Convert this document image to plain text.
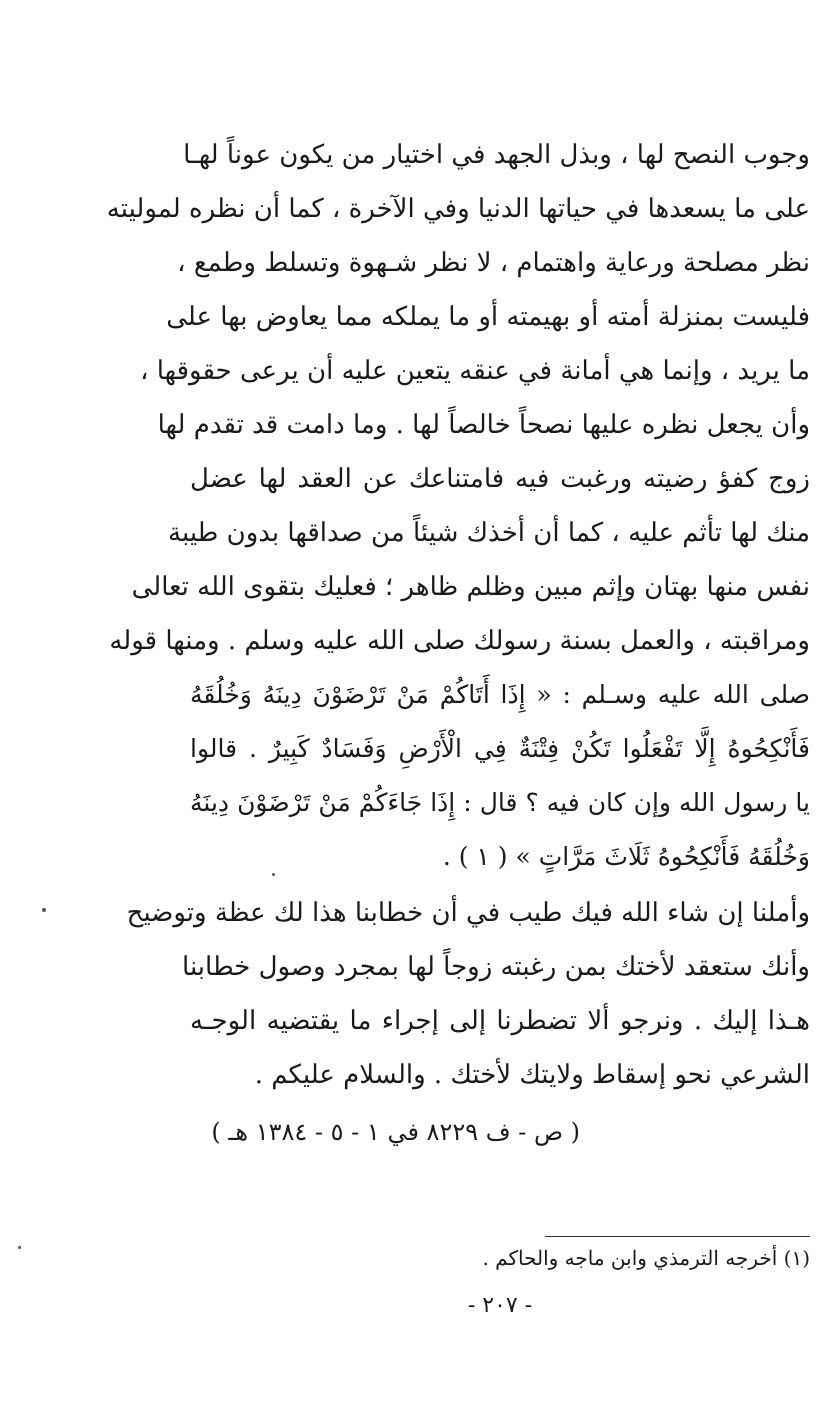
وجوب النصح لها ، وبذل الجهد في اختيار من يكون عوناً لهـا
على ما يسعدها في حياتها الدنيا وفي الآخرة ، كما أن نظره لموليته
نظر مصلحة ورعاية واهتمام ، لا نظر شـهوة وتسلط وطمع ،
فليست بمنزلة أمته أو بهيمته أو ما يملكه مما يعاوض بها على
ما يريد ، وإنما هي أمانة في عنقه يتعين عليه أن يرعى حقوقها ،
وأن يجعل نظره عليها نصحاً خالصاً لها . وما دامت قد تقدم لها
زوج كفؤ رضيته ورغبت فيه فامتناعك عن العقد لها عضل
منك لها تأثم عليه ، كما أن أخذك شيئاً من صداقها بدون طيبة
نفس منها بهتان وإثم مبين وظلم ظاهر ؛ فعليك بتقوى الله تعالى
ومراقبته ، والعمل بسنة رسولك صلى الله عليه وسلم . ومنها قوله
صلى الله عليه وسـلم : « إِذَا أَتَاكُمْ مَنْ تَرْضَوْنَ دِينَهُ وَخُلُقَهُ
فَأَنْكِحُوهُ إِلَّا تَفْعَلُوا تَكُنْ فِتْنَةٌ فِي الْأَرْضِ وَفَسَادٌ كَبِيرٌ . قالوا
يا رسول الله وإن كان فيه ؟ قال : إِذَا جَاءَكُمْ مَنْ تَرْضَوْنَ دِينَهُ
وَخُلُقَهُ فَأَنْكِحُوهُ ثَلَاثَ مَرَّاتٍ » ( ١ ) .
وأملنا إن شاء الله فيك طيب في أن خطابنا هذا لك عظة وتوضيح
وأنك ستعقد لأختك بمن رغبته زوجاً لها بمجرد وصول خطابنا
هـذا إليك . ونرجو ألا تضطرنا إلى إجراء ما يقتضيه الوجـه
الشرعي نحو إسقاط ولايتك لأختك . والسلام عليكم .
( ص - ف ٨٢٢٩ في ١ - ٥ - ١٣٨٤ هـ )
(١) أخرجه الترمذي وابن ماجه والحاكم .
- ٢٠٧ -
